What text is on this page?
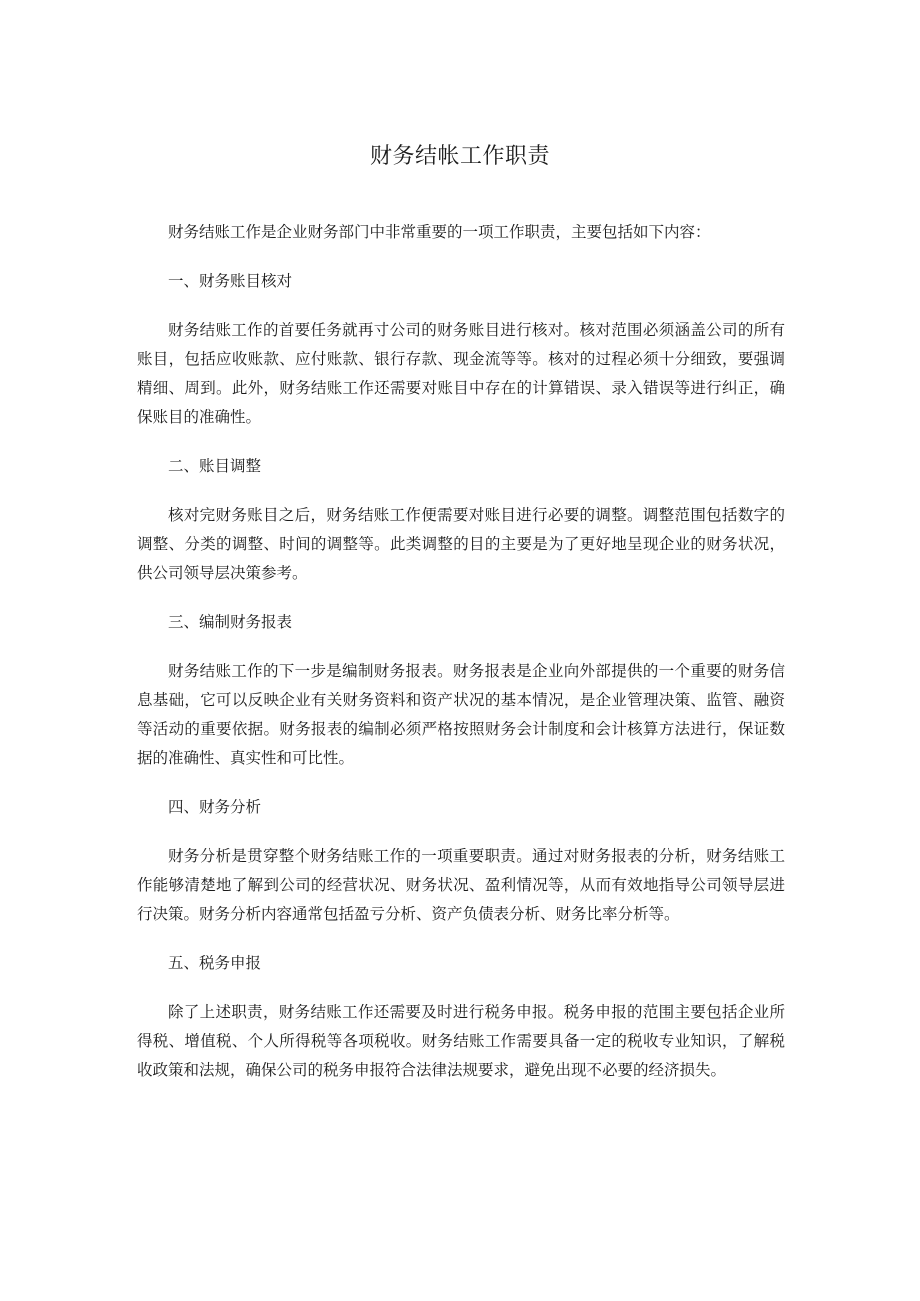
财务结帐工作职责

财务结账工作是企业财务部门中非常重要的一项工作职责，主要包括如下内容：

一、财务账目核对

财务结账工作的首要任务就再寸公司的财务账目进行核对。核对范围必须涵盖公司的所有账目，包括应收账款、应付账款、银行存款、现金流等等。核对的过程必须十分细致，要强调精细、周到。此外，财务结账工作还需要对账目中存在的计算错误、录入错误等进行纠正，确保账目的准确性。

二、账目调整

核对完财务账目之后，财务结账工作便需要对账目进行必要的调整。调整范围包括数字的调整、分类的调整、时间的调整等。此类调整的目的主要是为了更好地呈现企业的财务状况，供公司领导层决策参考。

三、编制财务报表

财务结账工作的下一步是编制财务报表。财务报表是企业向外部提供的一个重要的财务信息基础，它可以反映企业有关财务资料和资产状况的基本情况，是企业管理决策、监管、融资等活动的重要依据。财务报表的编制必须严格按照财务会计制度和会计核算方法进行，保证数据的准确性、真实性和可比性。

四、财务分析

财务分析是贯穿整个财务结账工作的一项重要职责。通过对财务报表的分析，财务结账工作能够清楚地了解到公司的经营状况、财务状况、盈利情况等，从而有效地指导公司领导层进行决策。财务分析内容通常包括盈亏分析、资产负债表分析、财务比率分析等。

五、税务申报

除了上述职责，财务结账工作还需要及时进行税务申报。税务申报的范围主要包括企业所得税、增值税、个人所得税等各项税收。财务结账工作需要具备一定的税收专业知识，了解税收政策和法规，确保公司的税务申报符合法律法规要求，避免出现不必要的经济损失。
